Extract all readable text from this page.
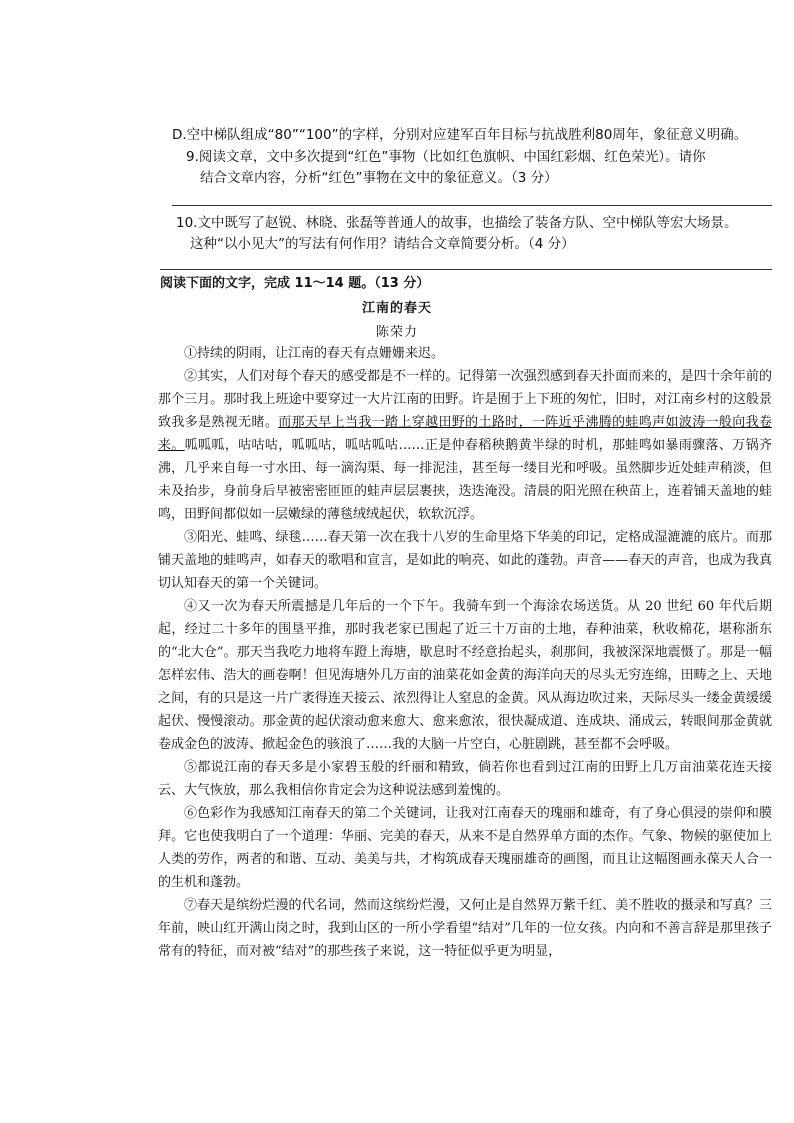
D.空中梯队组成“80”“100”的字样，分别对应建军百年目标与抗战胜利80周年，象征意义明确。
9.阅读文章，文中多次提到“红色”事物（比如红色旗帜、中国红彩烟、红色荣光）。请你
结合文章内容，分析“红色”事物在文中的象征意义。（3 分）
10.文中既写了赵锐、林晓、张磊等普通人的故事，也描绘了装备方队、空中梯队等宏大场景。
这种“以小见大”的写法有何作用？请结合文章简要分析。（4 分）
阅读下面的文字，完成 11～14 题。（13 分）
江南的春天
陈荣力

①持续的阴雨，让江南的春天有点姗姗来迟。

②其实，人们对每个春天的感受都是不一样的。记得第一次强烈感到春天扑面而来的，是四十余年前的那个三月。那时我上班途中要穿过一大片江南的田野。许是囿于上下班的匆忙，旧时，对江南乡村的这般景致我多是熟视无睹。而那天早上当我一踏上穿越田野的土路时，一阵近乎沸腾的蛙鸣声如波涛一般向我卷来。呱呱呱，咕咕咕，呱呱咕，呱咕呱咕……正是仲春稻秧鹅黄半绿的时机，那蛙鸣如暴雨骤落、万锅齐沸，几乎来自每一寸水田、每一滴沟渠、每一排泥洼，甚至每一缕目光和呼吸。虽然脚步近处蛙声稍淡，但未及抬步，身前身后早被密密匝匝的蛙声层层裹挟，迭迭淹没。清晨的阳光照在秧苗上，连着铺天盖地的蛙鸣，田野间都似如一层嫩绿的薄毯绒绒起伏，软软沉浮。

③阳光、蛙鸣、绿毯……春天第一次在我十八岁的生命里烙下华美的印记，定格成湿漉漉的底片。而那铺天盖地的蛙鸣声，如春天的歌唱和宣言，是如此的响亮、如此的蓬勃。声音——春天的声音，也成为我真切认知春天的第一个关键词。

④又一次为春天所震撼是几年后的一个下午。我骑车到一个海涂农场送货。从 20 世纪 60 年代后期起，经过二十多年的围垦平推，那时我老家已围起了近三十万亩的土地，春种油菜，秋收棉花，堪称浙东的“北大仓”。那天当我吃力地将车蹬上海塘，歇息时不经意抬起头，刹那间，我被深深地震慑了。那是一幅怎样宏伟、浩大的画卷啊！但见海塘外几万亩的油菜花如金黄的海洋向天的尽头无穷连绵，田畴之上、天地之间，有的只是这一片广袤得连天接云、浓烈得让人窒息的金黄。风从海边吹过来，天际尽头一缕金黄缓缓起伏、慢慢滚动。那金黄的起伏滚动愈来愈大、愈来愈浓，很快凝成道、连成块、涌成云，转眼间那金黄就卷成金色的波涛、掀起金色的骇浪了……我的大脑一片空白，心脏剧跳，甚至都不会呼吸。

⑤都说江南的春天多是小家碧玉般的纤丽和精致，倘若你也看到过江南的田野上几万亩油菜花连天接云、大气恢放，那么我相信你肯定会为这种说法感到羞愧的。

⑥色彩作为我感知江南春天的第二个关键词，让我对江南春天的瑰丽和雄奇，有了身心俱浸的崇仰和膜拜。它也使我明白了一个道理：华丽、完美的春天，从来不是自然界单方面的杰作。气象、物候的驱使加上人类的劳作，两者的和谐、互动、美美与共，才构筑成春天瑰丽雄奇的画图，而且让这幅图画永葆天人合一的生机和蓬勃。

⑦春天是缤纷烂漫的代名词，然而这缤纷烂漫，又何止是自然界万紫千红、美不胜收的摄录和写真？三年前，映山红开满山岗之时，我到山区的一所小学看望“结对”几年的一位女孩。内向和不善言辞是那里孩子常有的特征，而对被“结对”的那些孩子来说，这一特征似乎更为明显，
